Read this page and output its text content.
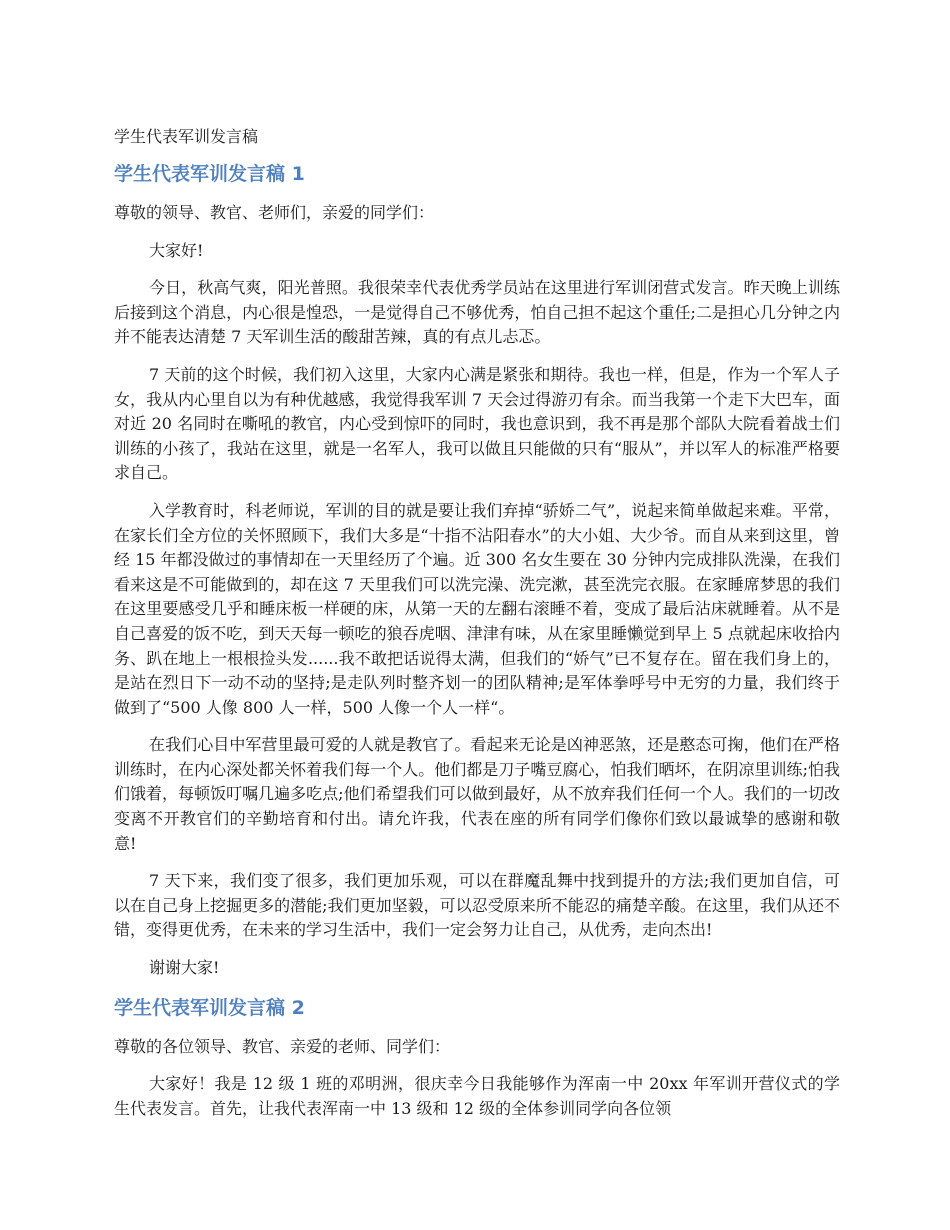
学生代表军训发言稿
学生代表军训发言稿 1

尊敬的领导、教官、老师们，亲爱的同学们：

大家好!

今日，秋高气爽，阳光普照。我很荣幸代表优秀学员站在这里进行军训闭营式发言。昨天晚上训练后接到这个消息，内心很是惶恐，一是觉得自己不够优秀，怕自己担不起这个重任;二是担心几分钟之内并不能表达清楚 7 天军训生活的酸甜苦辣，真的有点儿忐忑。

7 天前的这个时候，我们初入这里，大家内心满是紧张和期待。我也一样，但是，作为一个军人子女，我从内心里自以为有种优越感，我觉得我军训 7 天会过得游刃有余。而当我第一个走下大巴车，面对近 20 名同时在嘶吼的教官，内心受到惊吓的同时，我也意识到，我不再是那个部队大院看着战士们训练的小孩了，我站在这里，就是一名军人，我可以做且只能做的只有“服从”，并以军人的标准严格要求自己。

入学教育时，科老师说，军训的目的就是要让我们弃掉“骄娇二气”，说起来简单做起来难。平常，在家长们全方位的关怀照顾下，我们大多是“十指不沾阳春水”的大小姐、大少爷。而自从来到这里，曾经 15 年都没做过的事情却在一天里经历了个遍。近 300 名女生要在 30 分钟内完成排队洗澡，在我们看来这是不可能做到的，却在这 7 天里我们可以洗完澡、洗完漱，甚至洗完衣服。在家睡席梦思的我们在这里要感受几乎和睡床板一样硬的床，从第一天的左翻右滚睡不着，变成了最后沾床就睡着。从不是自己喜爱的饭不吃，到天天每一顿吃的狼吞虎咽、津津有味，从在家里睡懒觉到早上 5 点就起床收拾内务、趴在地上一根根捡头发......我不敢把话说得太满，但我们的“娇气”已不复存在。留在我们身上的，是站在烈日下一动不动的坚持;是走队列时整齐划一的团队精神;是军体拳呼号中无穷的力量，我们终于做到了“500 人像 800 人一样，500 人像一个人一样“。

在我们心目中军营里最可爱的人就是教官了。看起来无论是凶神恶煞，还是憨态可掬，他们在严格训练时，在内心深处都关怀着我们每一个人。他们都是刀子嘴豆腐心，怕我们晒坏，在阴凉里训练;怕我们饿着，每顿饭叮嘱几遍多吃点;他们希望我们可以做到最好，从不放弃我们任何一个人。我们的一切改变离不开教官们的辛勤培育和付出。请允许我，代表在座的所有同学们像你们致以最诚挚的感谢和敬意!

7 天下来，我们变了很多，我们更加乐观，可以在群魔乱舞中找到提升的方法;我们更加自信，可以在自己身上挖掘更多的潜能;我们更加坚毅，可以忍受原来所不能忍的痛楚辛酸。在这里，我们从还不错，变得更优秀，在未来的学习生活中，我们一定会努力让自己，从优秀，走向杰出!

谢谢大家!

学生代表军训发言稿 2

尊敬的各位领导、教官、亲爱的老师、同学们：

大家好！我是 12 级 1 班的邓明洲，很庆幸今日我能够作为浑南一中 20xx 年军训开营仪式的学生代表发言。首先，让我代表浑南一中 13 级和 12 级的全体参训同学向各位领
